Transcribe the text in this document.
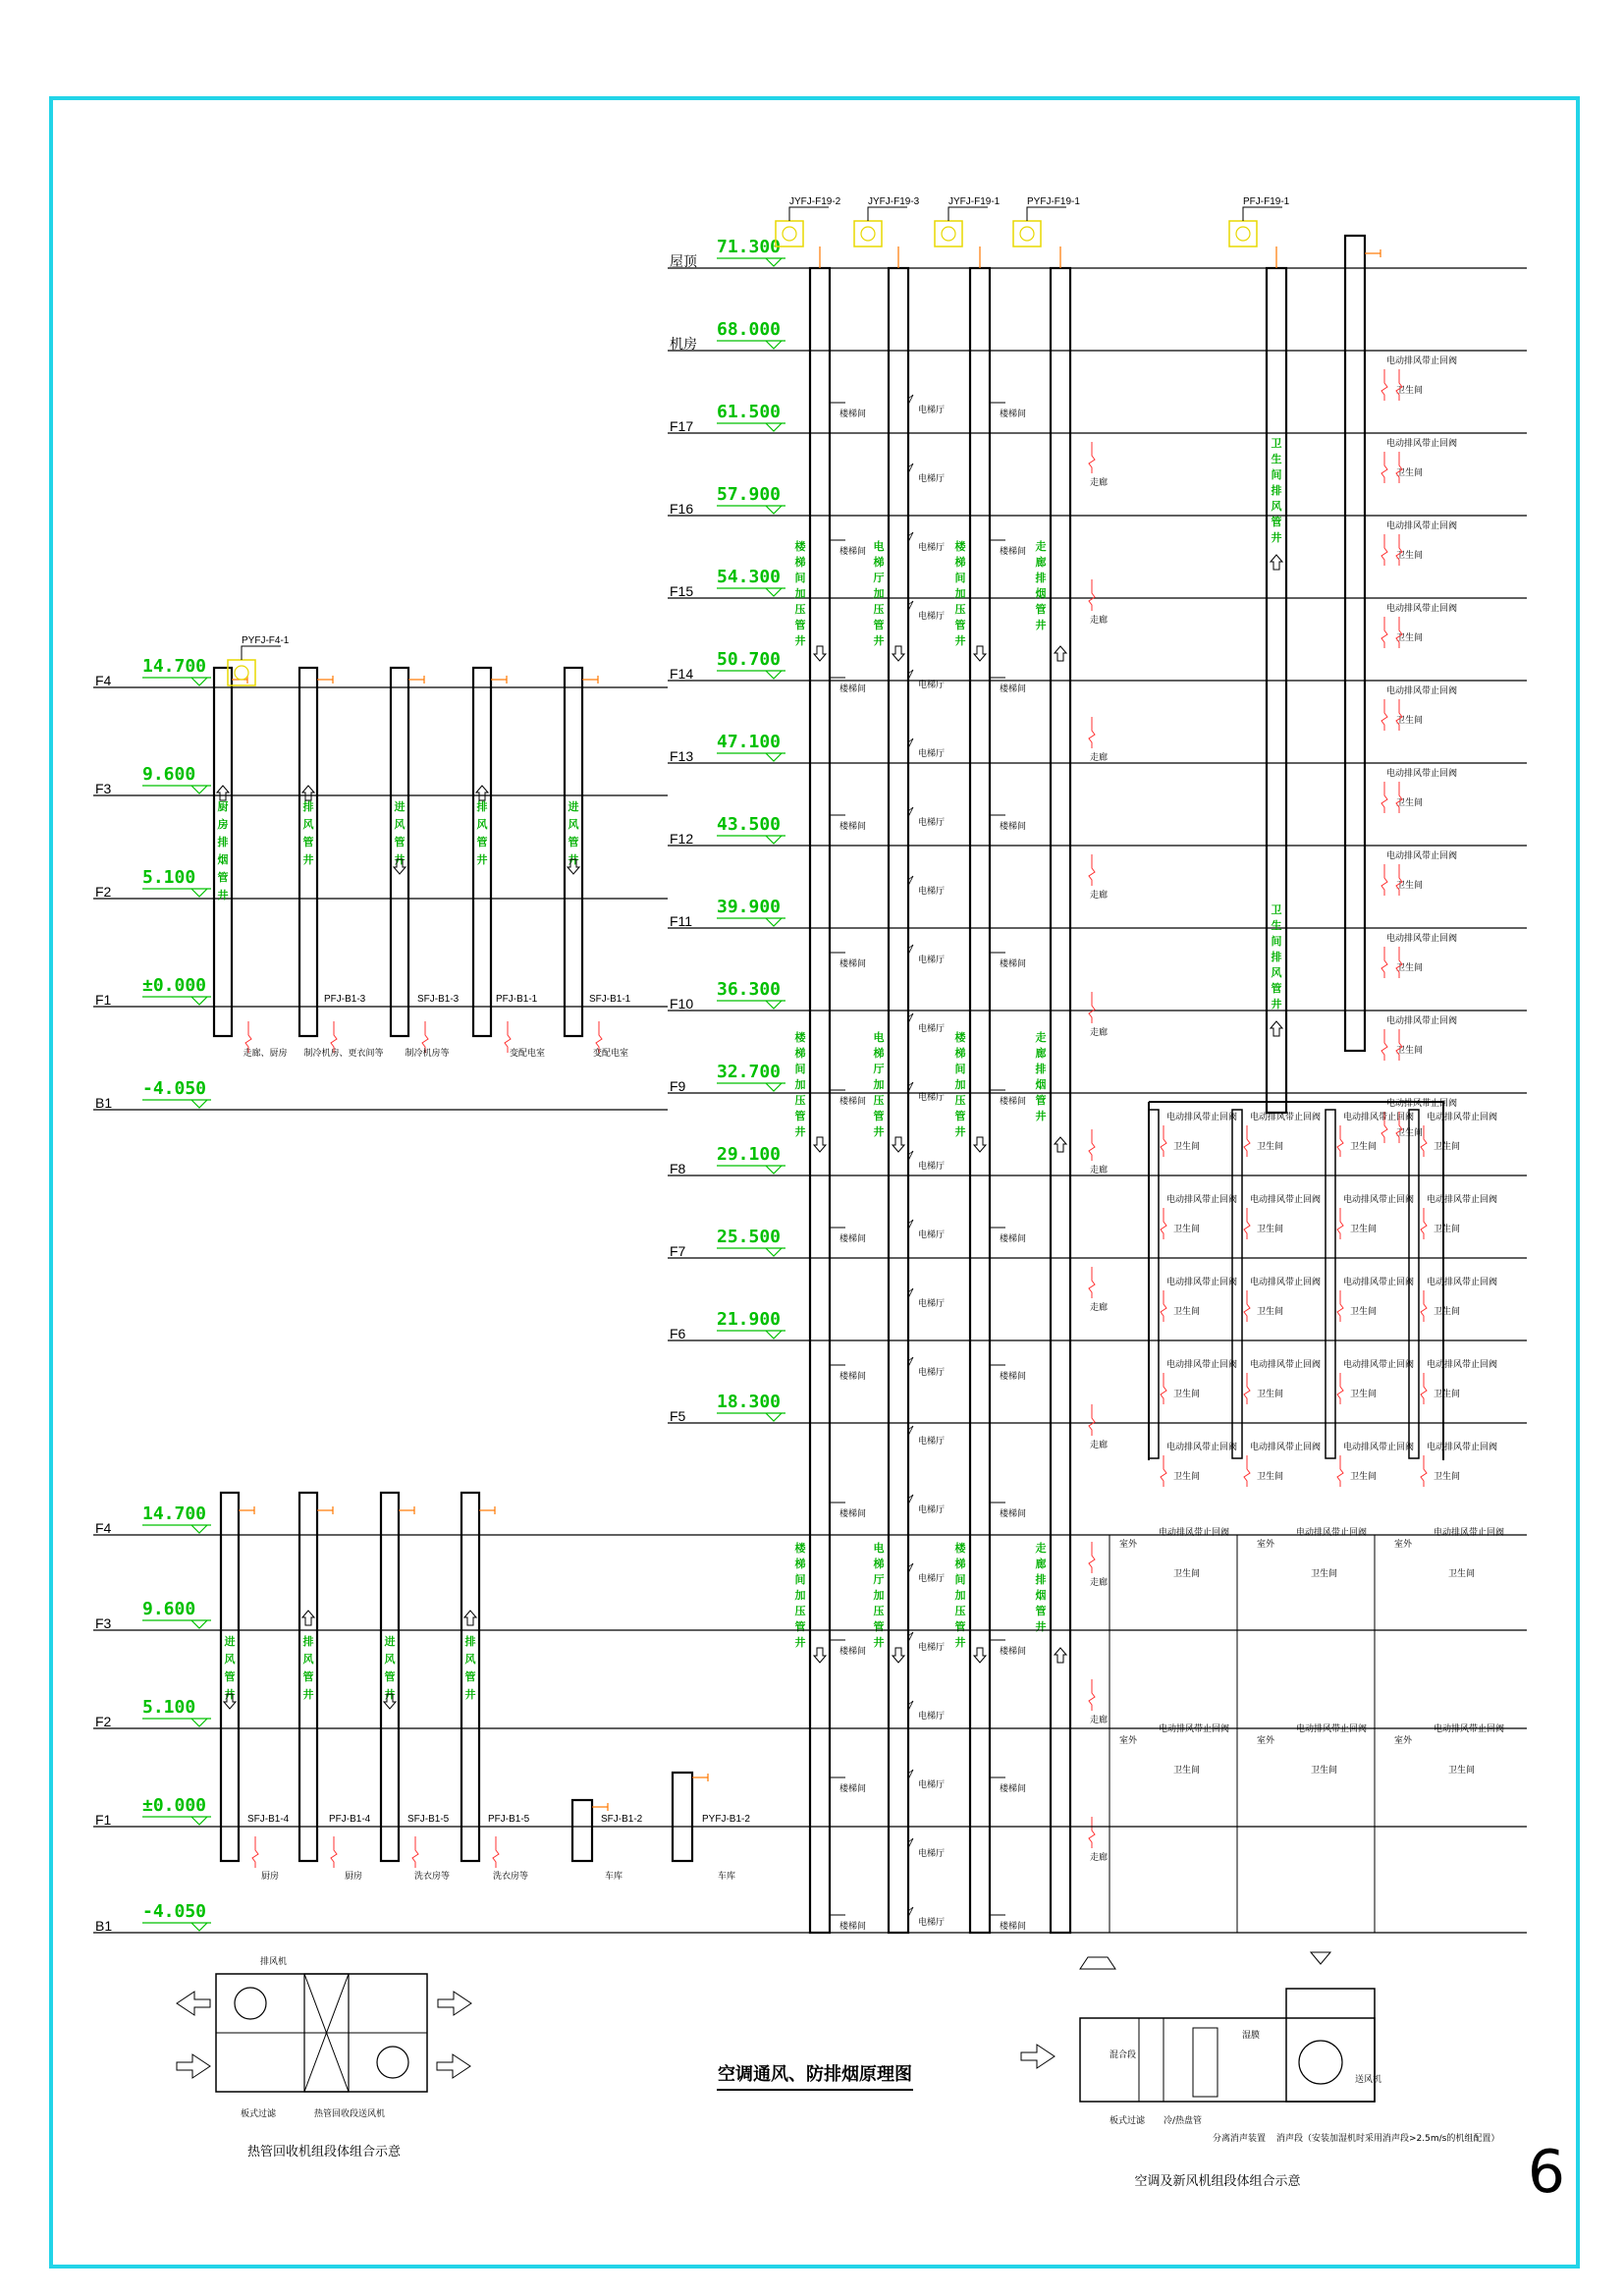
屋顶
71.300
机房
68.000
F17
61.500
F16
57.900
F15
54.300
F14
50.700
F13
47.100
F12
43.500
F11
39.900
F10
36.300
F9
32.700
F8
29.100
F7
25.500
F6
21.900
F5
18.300
楼
梯
间
加
压
管
井
楼
梯
间
加
压
管
井
楼
梯
间
加
压
管
井
楼梯间
楼梯间
楼梯间
楼梯间
楼梯间
楼梯间
楼梯间
楼梯间
楼梯间
楼梯间
楼梯间
楼梯间
电
梯
厅
加
压
管
井
电
梯
厅
加
压
管
井
电
梯
厅
加
压
管
井
电梯厅
电梯厅
电梯厅
电梯厅
电梯厅
电梯厅
电梯厅
电梯厅
电梯厅
电梯厅
电梯厅
电梯厅
电梯厅
电梯厅
电梯厅
电梯厅
电梯厅
电梯厅
电梯厅
电梯厅
电梯厅
电梯厅
电梯厅
楼
梯
间
加
压
管
井
楼
梯
间
加
压
管
井
楼
梯
间
加
压
管
井
楼梯间
楼梯间
楼梯间
楼梯间
楼梯间
楼梯间
楼梯间
楼梯间
楼梯间
楼梯间
楼梯间
楼梯间
走
廊
排
烟
管
井
走
廊
排
烟
管
井
走
廊
排
烟
管
井
走廊
走廊
走廊
走廊
走廊
走廊
走廊
走廊
走廊
走廊
走廊
卫
生
间
排
风
管
井
卫
生
间
排
风
管
井
电动排风带止回阀
卫生间
电动排风带止回阀
卫生间
电动排风带止回阀
卫生间
电动排风带止回阀
卫生间
电动排风带止回阀
卫生间
电动排风带止回阀
卫生间
电动排风带止回阀
卫生间
电动排风带止回阀
卫生间
电动排风带止回阀
卫生间
电动排风带止回阀
卫生间
JYFJ-F19-2	JYFJ-F19-3	JYFJ-F19-1	PYFJ-F19-1	PFJ-F19-1
电动排风带止回阀
卫生间
电动排风带止回阀
卫生间
电动排风带止回阀
卫生间
电动排风带止回阀
卫生间
电动排风带止回阀
卫生间
电动排风带止回阀
卫生间
电动排风带止回阀
卫生间
电动排风带止回阀
卫生间
电动排风带止回阀
卫生间
电动排风带止回阀
卫生间
电动排风带止回阀
卫生间
电动排风带止回阀
卫生间
电动排风带止回阀
卫生间
电动排风带止回阀
卫生间
电动排风带止回阀
卫生间
电动排风带止回阀
卫生间
电动排风带止回阀
卫生间
电动排风带止回阀
卫生间
电动排风带止回阀
卫生间
电动排风带止回阀
卫生间
室外
电动排风带止回阀
卫生间
室外
电动排风带止回阀
卫生间
室外
电动排风带止回阀
卫生间
室外
电动排风带止回阀
卫生间
室外
电动排风带止回阀
卫生间
室外
电动排风带止回阀
卫生间
F4
14.700
F3
9.600
F2
5.100
F1
±0.000
B1
-4.050
厨
房
排
烟
管
井
排
风
管
井
进
风
管
井
排
风
管
井
进
风
管
井
PYFJ-F4-1
PFJ-B1-3	SFJ-B1-3	PFJ-B1-1	SFJ-B1-1
走廊、厨房 制冷机房、更衣间等 制冷机房等	变配电室	变配电室
F4
14.700
F3
9.600
F2
5.100
F1
±0.000
B1
-4.050
进
风
管
井
排
风
管
井
进
风
管
井
排
风
管
井
SFJ-B1-4	PFJ-B1-4	SFJ-B1-5	PFJ-B1-5	SFJ-B1-2	PYFJ-B1-2
厨房	厨房	洗衣房等	洗衣房等	车库	车库
排风机
板式过滤	热管回收段 送风机
热管回收机组段体组合示意
混合段
板式过滤 冷/热盘管
湿膜
送风机
分离消声装置 消声段（安装加湿机时采用消声段>2.5m/s的机组配置）
空调及新风机组段体组合示意
空调通风、防排烟原理图
6
